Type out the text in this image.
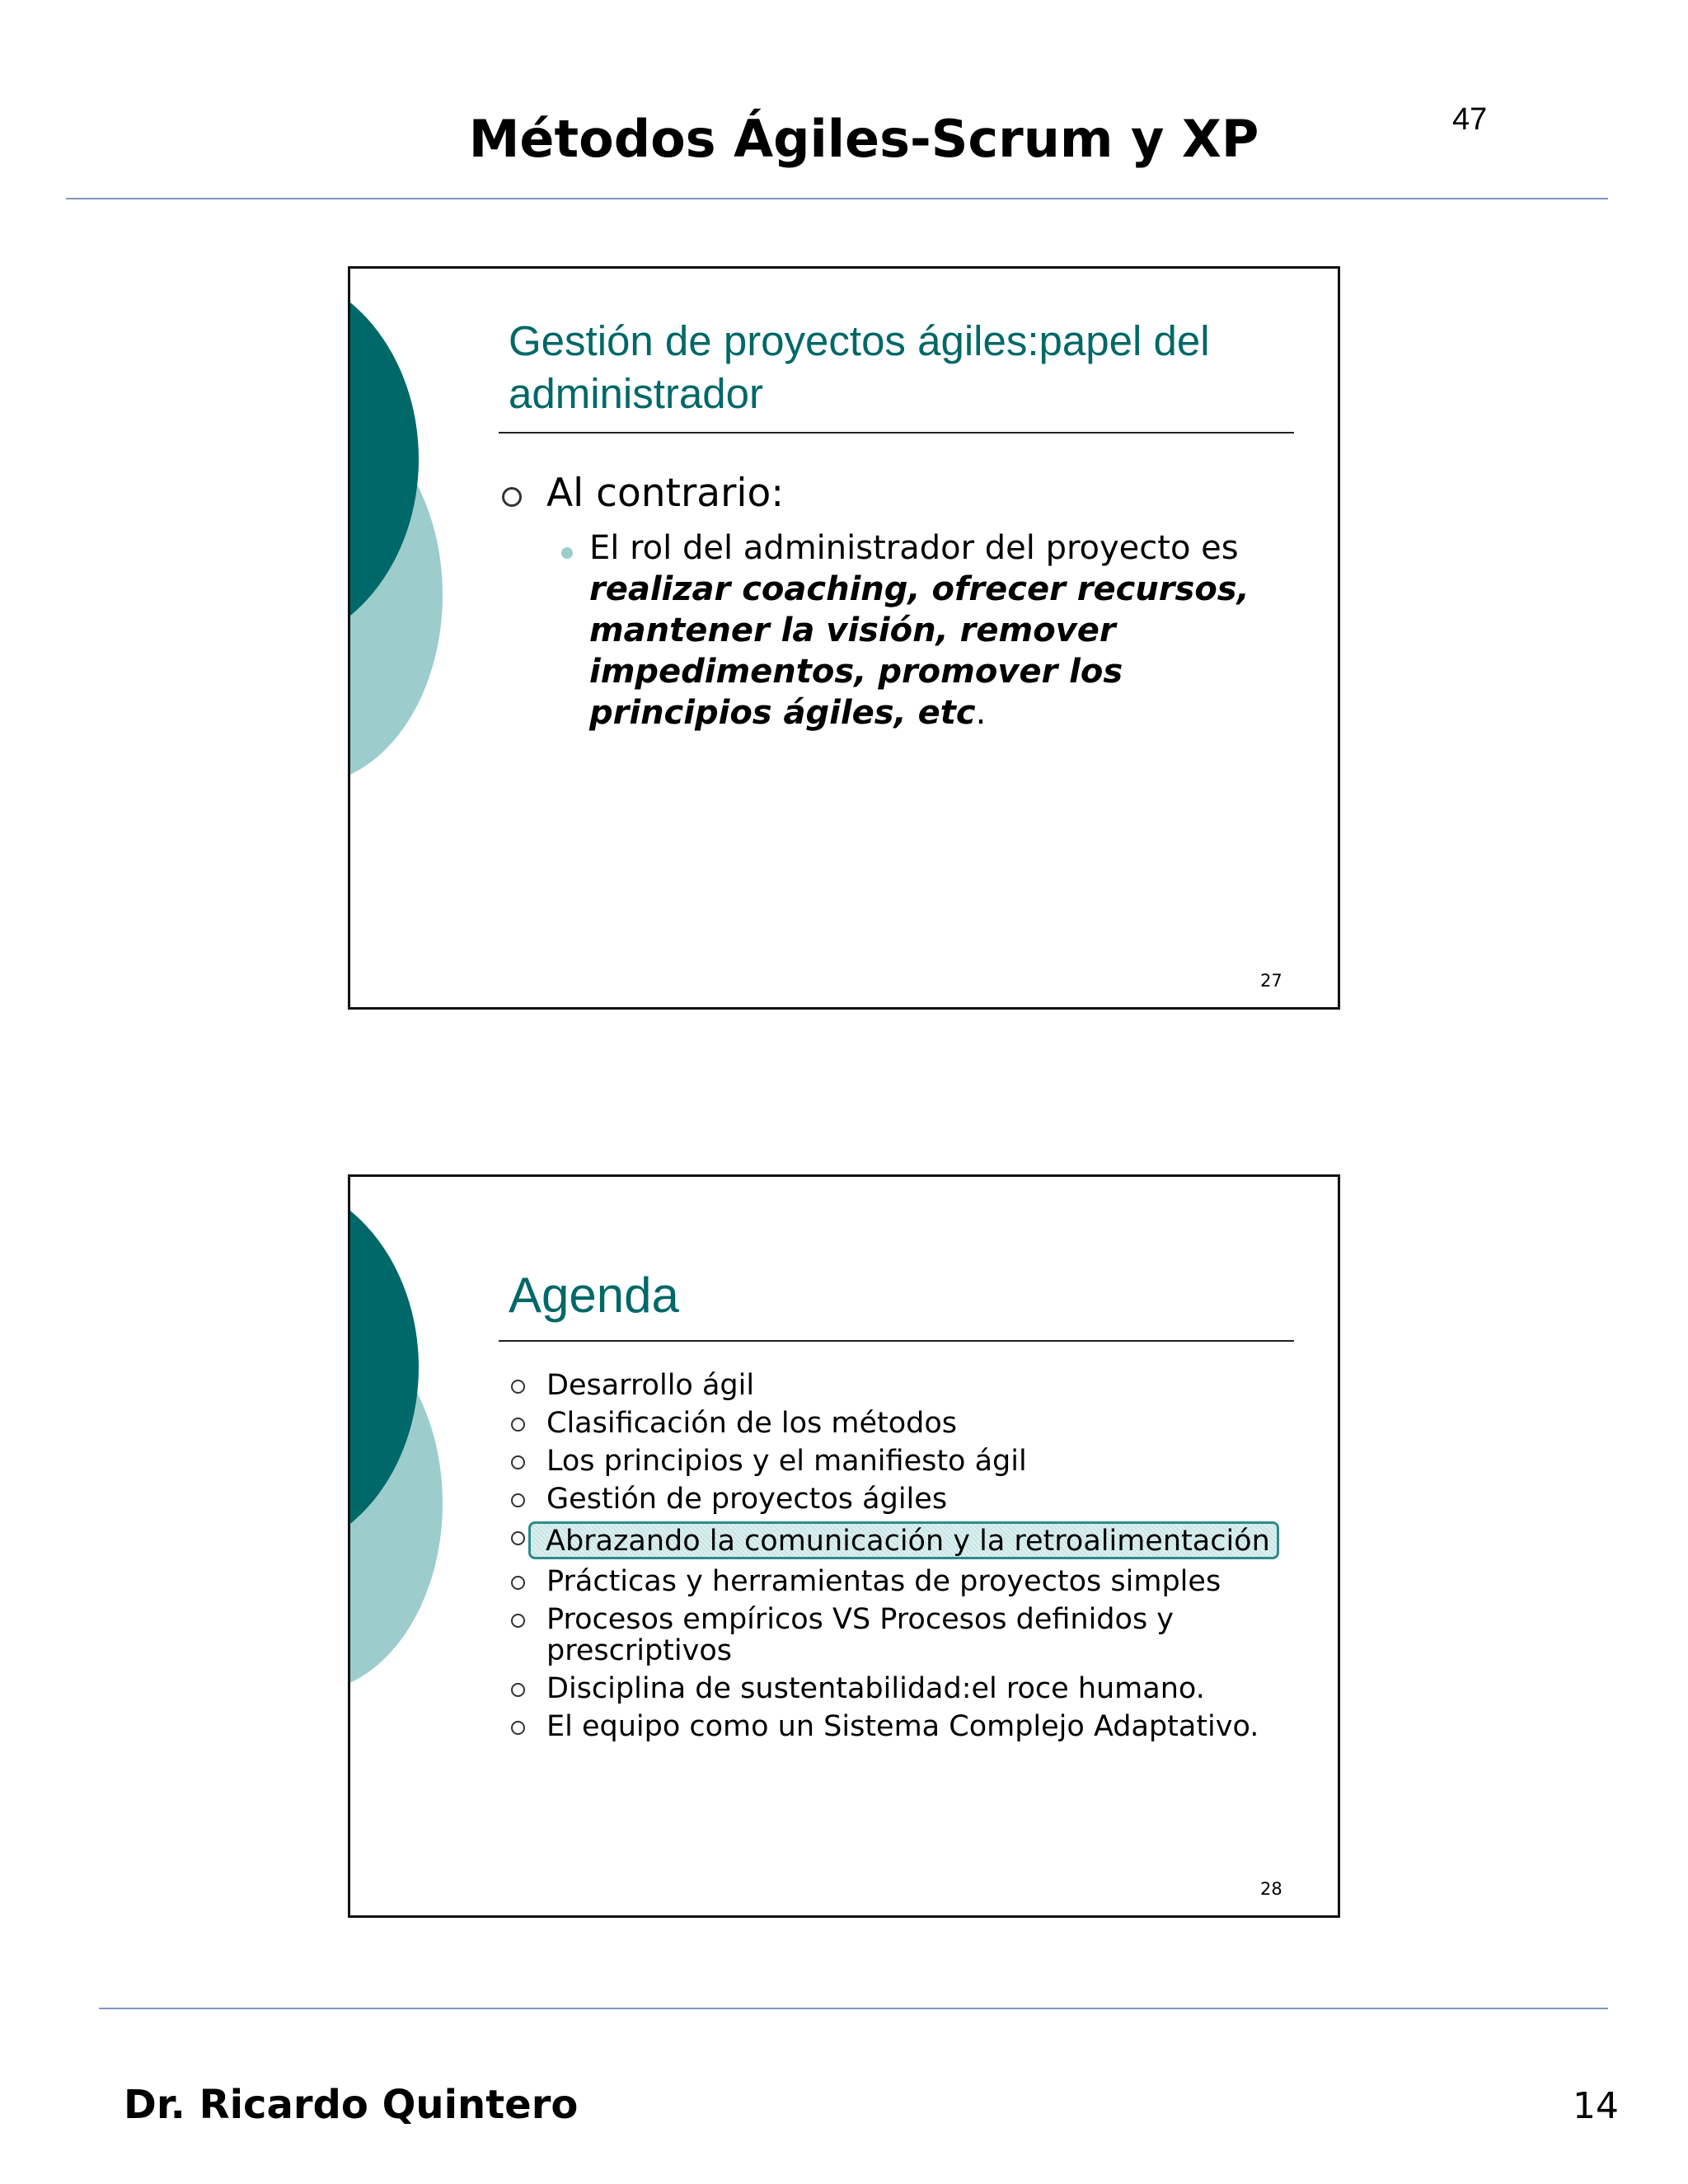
Métodos Ágiles-Scrum y XP	47
Gestión de proyectos ágiles:papel del administrador
Al contrario:
El rol del administrador del proyecto es realizar coaching, ofrecer recursos, mantener la visión, remover impedimentos, promover los principios ágiles, etc.
27
Agenda
Desarrollo ágil
Clasificación de los métodos
Los principios y el manifiesto ágil
Gestión de proyectos ágiles
Abrazando la comunicación y la retroalimentación
Prácticas y herramientas de proyectos simples
Procesos empíricos VS Procesos definidos y prescriptivos
Disciplina de sustentabilidad:el roce humano.
El equipo como un Sistema Complejo Adaptativo.
28
Dr. Ricardo Quintero	14
